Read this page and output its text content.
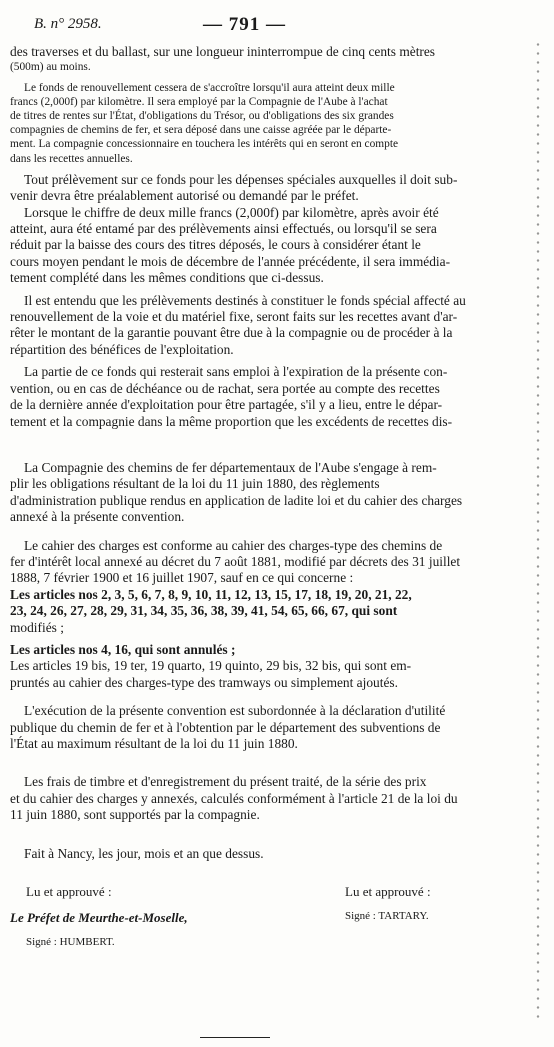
B. n° 2958.	— 791 —

des traverses et du ballast, sur une longueur ininterrompue de cinq cents mètres

(500m) au moins.

Le fonds de renouvellement cessera de s'accroître lorsqu'il aura atteint deux mille

francs (2,000f) par kilomètre. Il sera employé par la Compagnie de l'Aube à l'achat

de titres de rentes sur l'État, d'obligations du Trésor, ou d'obligations des six grandes

compagnies de chemins de fer, et sera déposé dans une caisse agréée par le départe-

ment. La compagnie concessionnaire en touchera les intérêts qui en seront en compte

dans les recettes annuelles.

Tout prélèvement sur ce fonds pour les dépenses spéciales auxquelles il doit sub-

venir devra être préalablement autorisé ou demandé par le préfet.

Lorsque le chiffre de deux mille francs (2,000f) par kilomètre, après avoir été

atteint, aura été entamé par des prélèvements ainsi effectués, ou lorsqu'il se sera

réduit par la baisse des cours des titres déposés, le cours à considérer étant le

cours moyen pendant le mois de décembre de l'année précédente, il sera immédia-

tement complété dans les mêmes conditions que ci-dessus.

Il est entendu que les prélèvements destinés à constituer le fonds spécial affecté au

renouvellement de la voie et du matériel fixe, seront faits sur les recettes avant d'ar-

rêter le montant de la garantie pouvant être due à la compagnie ou de procéder à la

répartition des bénéfices de l'exploitation.

La partie de ce fonds qui resterait sans emploi à l'expiration de la présente con-

vention, ou en cas de déchéance ou de rachat, sera portée au compte des recettes

de la dernière année d'exploitation pour être partagée, s'il y a lieu, entre le dépar-

tement et la compagnie dans la même proportion que les excédents de recettes dis-

La Compagnie des chemins de fer départementaux de l'Aube s'engage à rem-

plir les obligations résultant de la loi du 11 juin 1880, des règlements

d'administration publique rendus en application de ladite loi et du cahier des charges

annexé à la présente convention.

Le cahier des charges est conforme au cahier des charges-type des chemins de

fer d'intérêt local annexé au décret du 7 août 1881, modifié par décrets des 31 juillet

1888, 7 février 1900 et 16 juillet 1907, sauf en ce qui concerne :

Les articles nos 2, 3, 5, 6, 7, 8, 9, 10, 11, 12, 13, 15, 17, 18, 19, 20, 21, 22,

23, 24, 26, 27, 28, 29, 31, 34, 35, 36, 38, 39, 41, 54, 65, 66, 67, qui sont

modifiés ;

Les articles nos 4, 16, qui sont annulés ;

Les articles 19 bis, 19 ter, 19 quarto, 19 quinto, 29 bis, 32 bis, qui sont em-

pruntés au cahier des charges-type des tramways ou simplement ajoutés.

L'exécution de la présente convention est subordonnée à la déclaration d'utilité

publique du chemin de fer et à l'obtention par le département des subventions de

l'État au maximum résultant de la loi du 11 juin 1880.

Les frais de timbre et d'enregistrement du présent traité, de la série des prix

et du cahier des charges y annexés, calculés conformément à l'article 21 de la loi du

11 juin 1880, sont supportés par la compagnie.

Fait à Nancy, les jour, mois et an que dessus.

Lu et approuvé :
Le Préfet de Meurthe-et-Moselle,
Signé : HUMBERT.
Lu et approuvé :
Signé : TARTARY.
